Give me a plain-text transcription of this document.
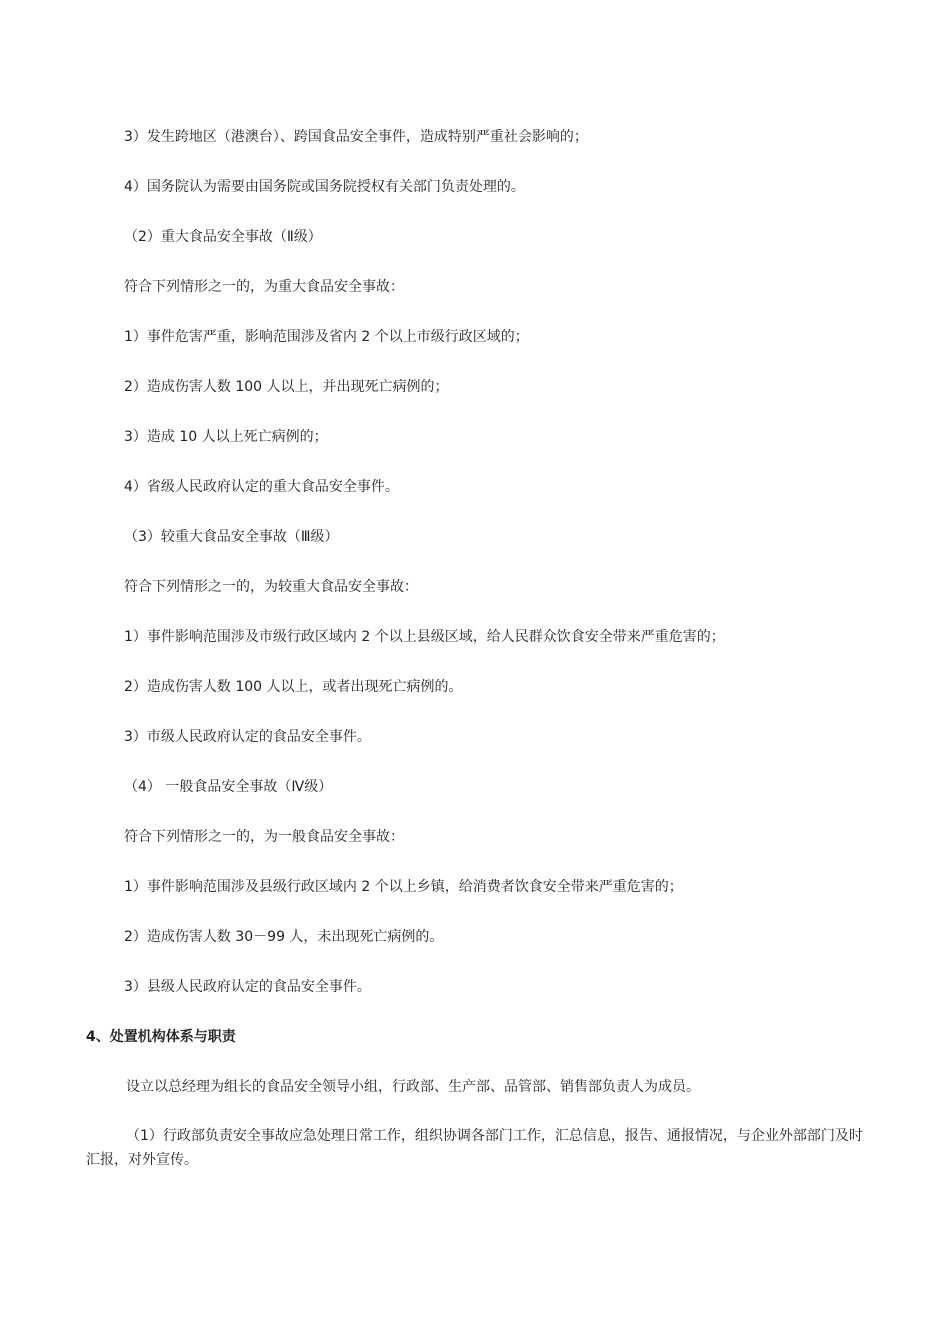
3）发生跨地区（港澳台）、跨国食品安全事件，造成特别严重社会影响的；
4）国务院认为需要由国务院或国务院授权有关部门负责处理的。
（2）重大食品安全事故（Ⅱ级）
符合下列情形之一的，为重大食品安全事故：
1）事件危害严重，影响范围涉及省内 2 个以上市级行政区域的；
2）造成伤害人数 100 人以上，并出现死亡病例的；
3）造成 10 人以上死亡病例的；
4）省级人民政府认定的重大食品安全事件。
（3）较重大食品安全事故（Ⅲ级）
符合下列情形之一的，为较重大食品安全事故：
1）事件影响范围涉及市级行政区域内 2 个以上县级区域，给人民群众饮食安全带来严重危害的；
2）造成伤害人数 100 人以上，或者出现死亡病例的。
3）市级人民政府认定的食品安全事件。
（4） 一般食品安全事故（Ⅳ级）
符合下列情形之一的，为一般食品安全事故：
1）事件影响范围涉及县级行政区域内 2 个以上乡镇，给消费者饮食安全带来严重危害的；
2）造成伤害人数 30－99 人，未出现死亡病例的。
3）县级人民政府认定的食品安全事件。
4、处置机构体系与职责
设立以总经理为组长的食品安全领导小组，行政部、生产部、品管部、销售部负责人为成员。
（1）行政部负责安全事故应急处理日常工作，组织协调各部门工作，汇总信息，报告、通报情况，与企业外部部门及时汇报，对外宣传。
